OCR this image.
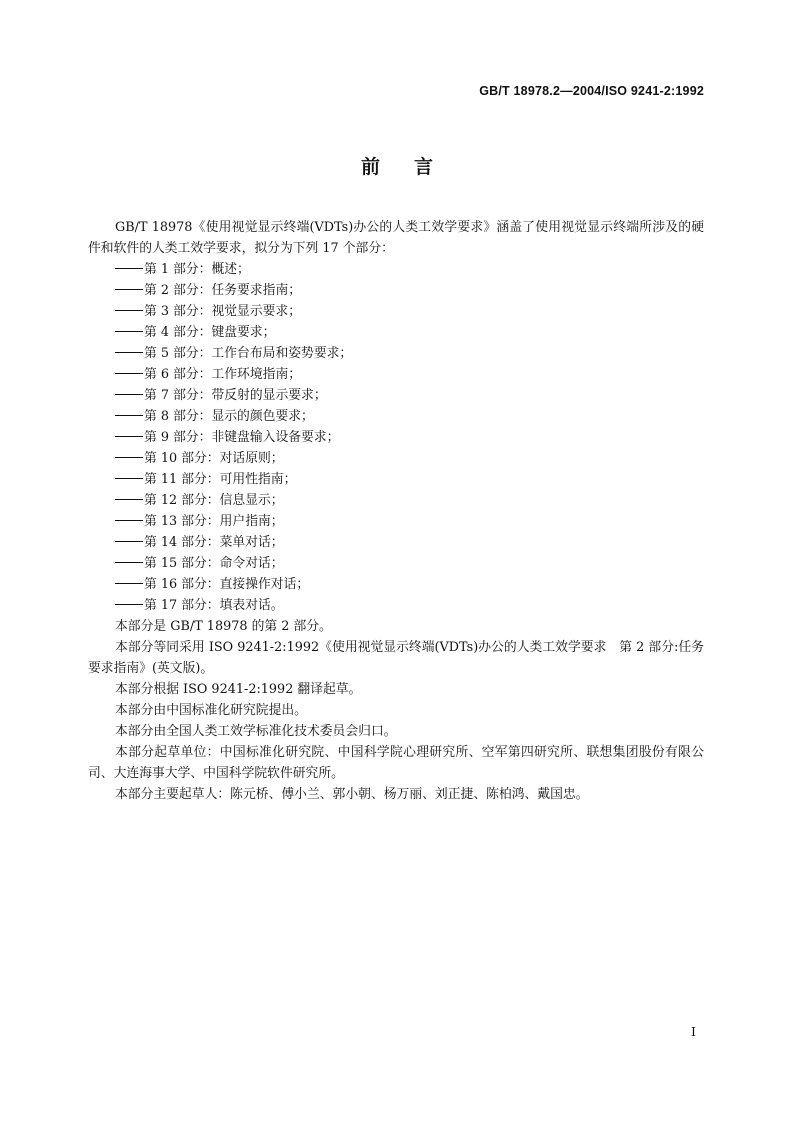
GB/T 18978.2—2004/ISO 9241-2:1992
前言

GB/T 18978《使用视觉显示终端(VDTs)办公的人类工效学要求》涵盖了使用视觉显示终端所涉及的硬件和软件的人类工效学要求，拟分为下列 17 个部分：

第 1 部分：概述；

第 2 部分：任务要求指南；

第 3 部分：视觉显示要求；

第 4 部分：键盘要求；

第 5 部分：工作台布局和姿势要求；

第 6 部分：工作环境指南；

第 7 部分：带反射的显示要求；

第 8 部分：显示的颜色要求；

第 9 部分：非键盘输入设备要求；

第 10 部分：对话原则；

第 11 部分：可用性指南；

第 12 部分：信息显示；

第 13 部分：用户指南；

第 14 部分：菜单对话；

第 15 部分：命令对话；

第 16 部分：直接操作对话；

第 17 部分：填表对话。

本部分是 GB/T 18978 的第 2 部分。

本部分等同采用 ISO 9241-2:1992《使用视觉显示终端(VDTs)办公的人类工效学要求　第 2 部分:任务要求指南》(英文版)。

本部分根据 ISO 9241-2:1992 翻译起草。

本部分由中国标准化研究院提出。

本部分由全国人类工效学标准化技术委员会归口。

本部分起草单位：中国标准化研究院、中国科学院心理研究所、空军第四研究所、联想集团股份有限公司、大连海事大学、中国科学院软件研究所。

本部分主要起草人：陈元桥、傅小兰、郭小朝、杨万丽、刘正捷、陈柏鸿、戴国忠。

I
